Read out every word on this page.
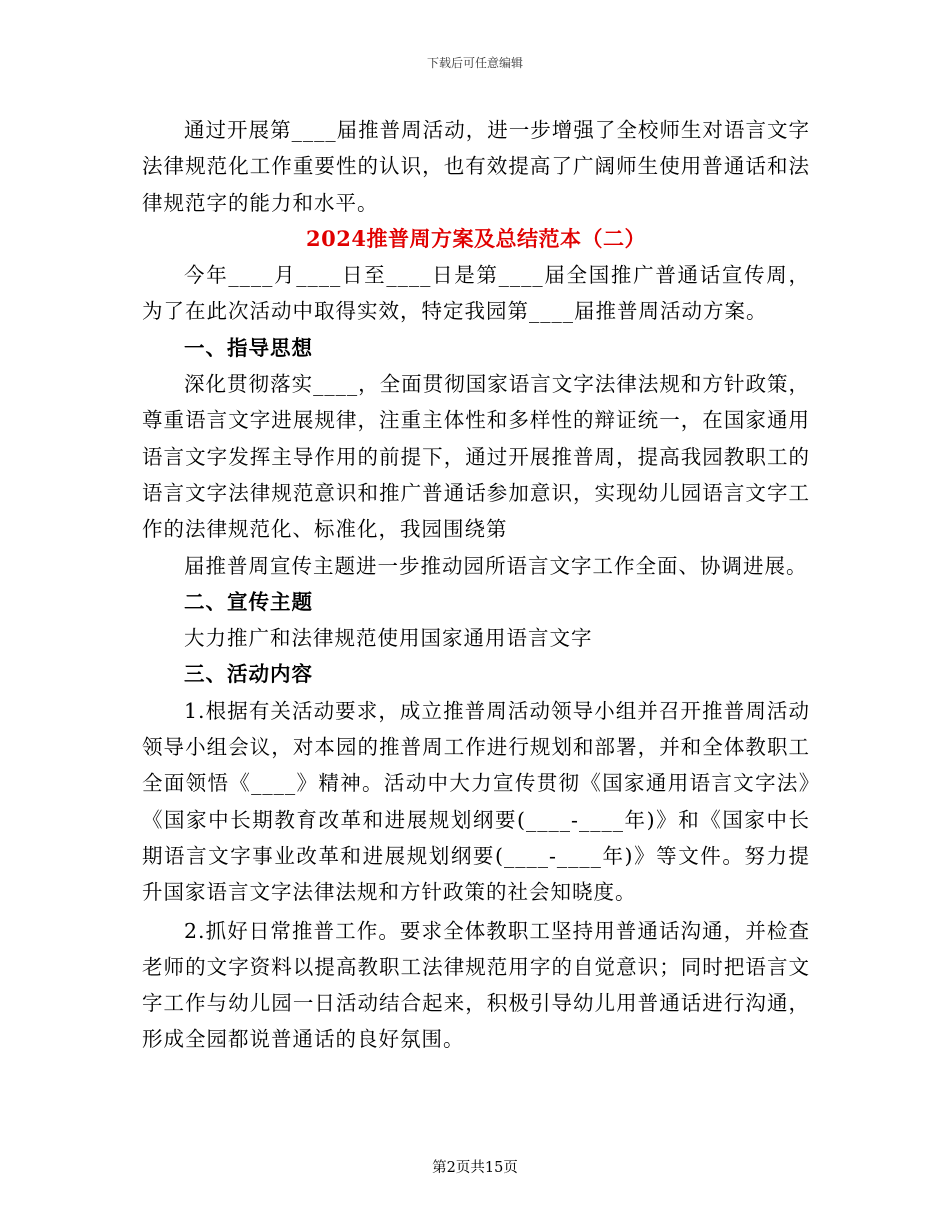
下载后可任意编辑

通过开展第____届推普周活动，进一步增强了全校师生对语言文字法律规范化工作重要性的认识，也有效提高了广阔师生使用普通话和法律规范字的能力和水平。

2024推普周方案及总结范本（二）

今年____月____日至____日是第____届全国推广普通话宣传周，为了在此次活动中取得实效，特定我园第____届推普周活动方案。

一、指导思想

深化贯彻落实____，全面贯彻国家语言文字法律法规和方针政策，尊重语言文字进展规律，注重主体性和多样性的辩证统一，在国家通用语言文字发挥主导作用的前提下，通过开展推普周，提高我园教职工的语言文字法律规范意识和推广普通话参加意识，实现幼儿园语言文字工作的法律规范化、标准化，我园围绕第

届推普周宣传主题进一步推动园所语言文字工作全面、协调进展。

二、宣传主题

大力推广和法律规范使用国家通用语言文字

三、活动内容

1.根据有关活动要求，成立推普周活动领导小组并召开推普周活动领导小组会议，对本园的推普周工作进行规划和部署，并和全体教职工全面领悟《____》精神。活动中大力宣传贯彻《国家通用语言文字法》《国家中长期教育改革和进展规划纲要(____-____年)》和《国家中长期语言文字事业改革和进展规划纲要(____-____年)》等文件。努力提升国家语言文字法律法规和方针政策的社会知晓度。

2.抓好日常推普工作。要求全体教职工坚持用普通话沟通，并检查老师的文字资料以提高教职工法律规范用字的自觉意识；同时把语言文字工作与幼儿园一日活动结合起来，积极引导幼儿用普通话进行沟通，形成全园都说普通话的良好氛围。

第2页共15页
